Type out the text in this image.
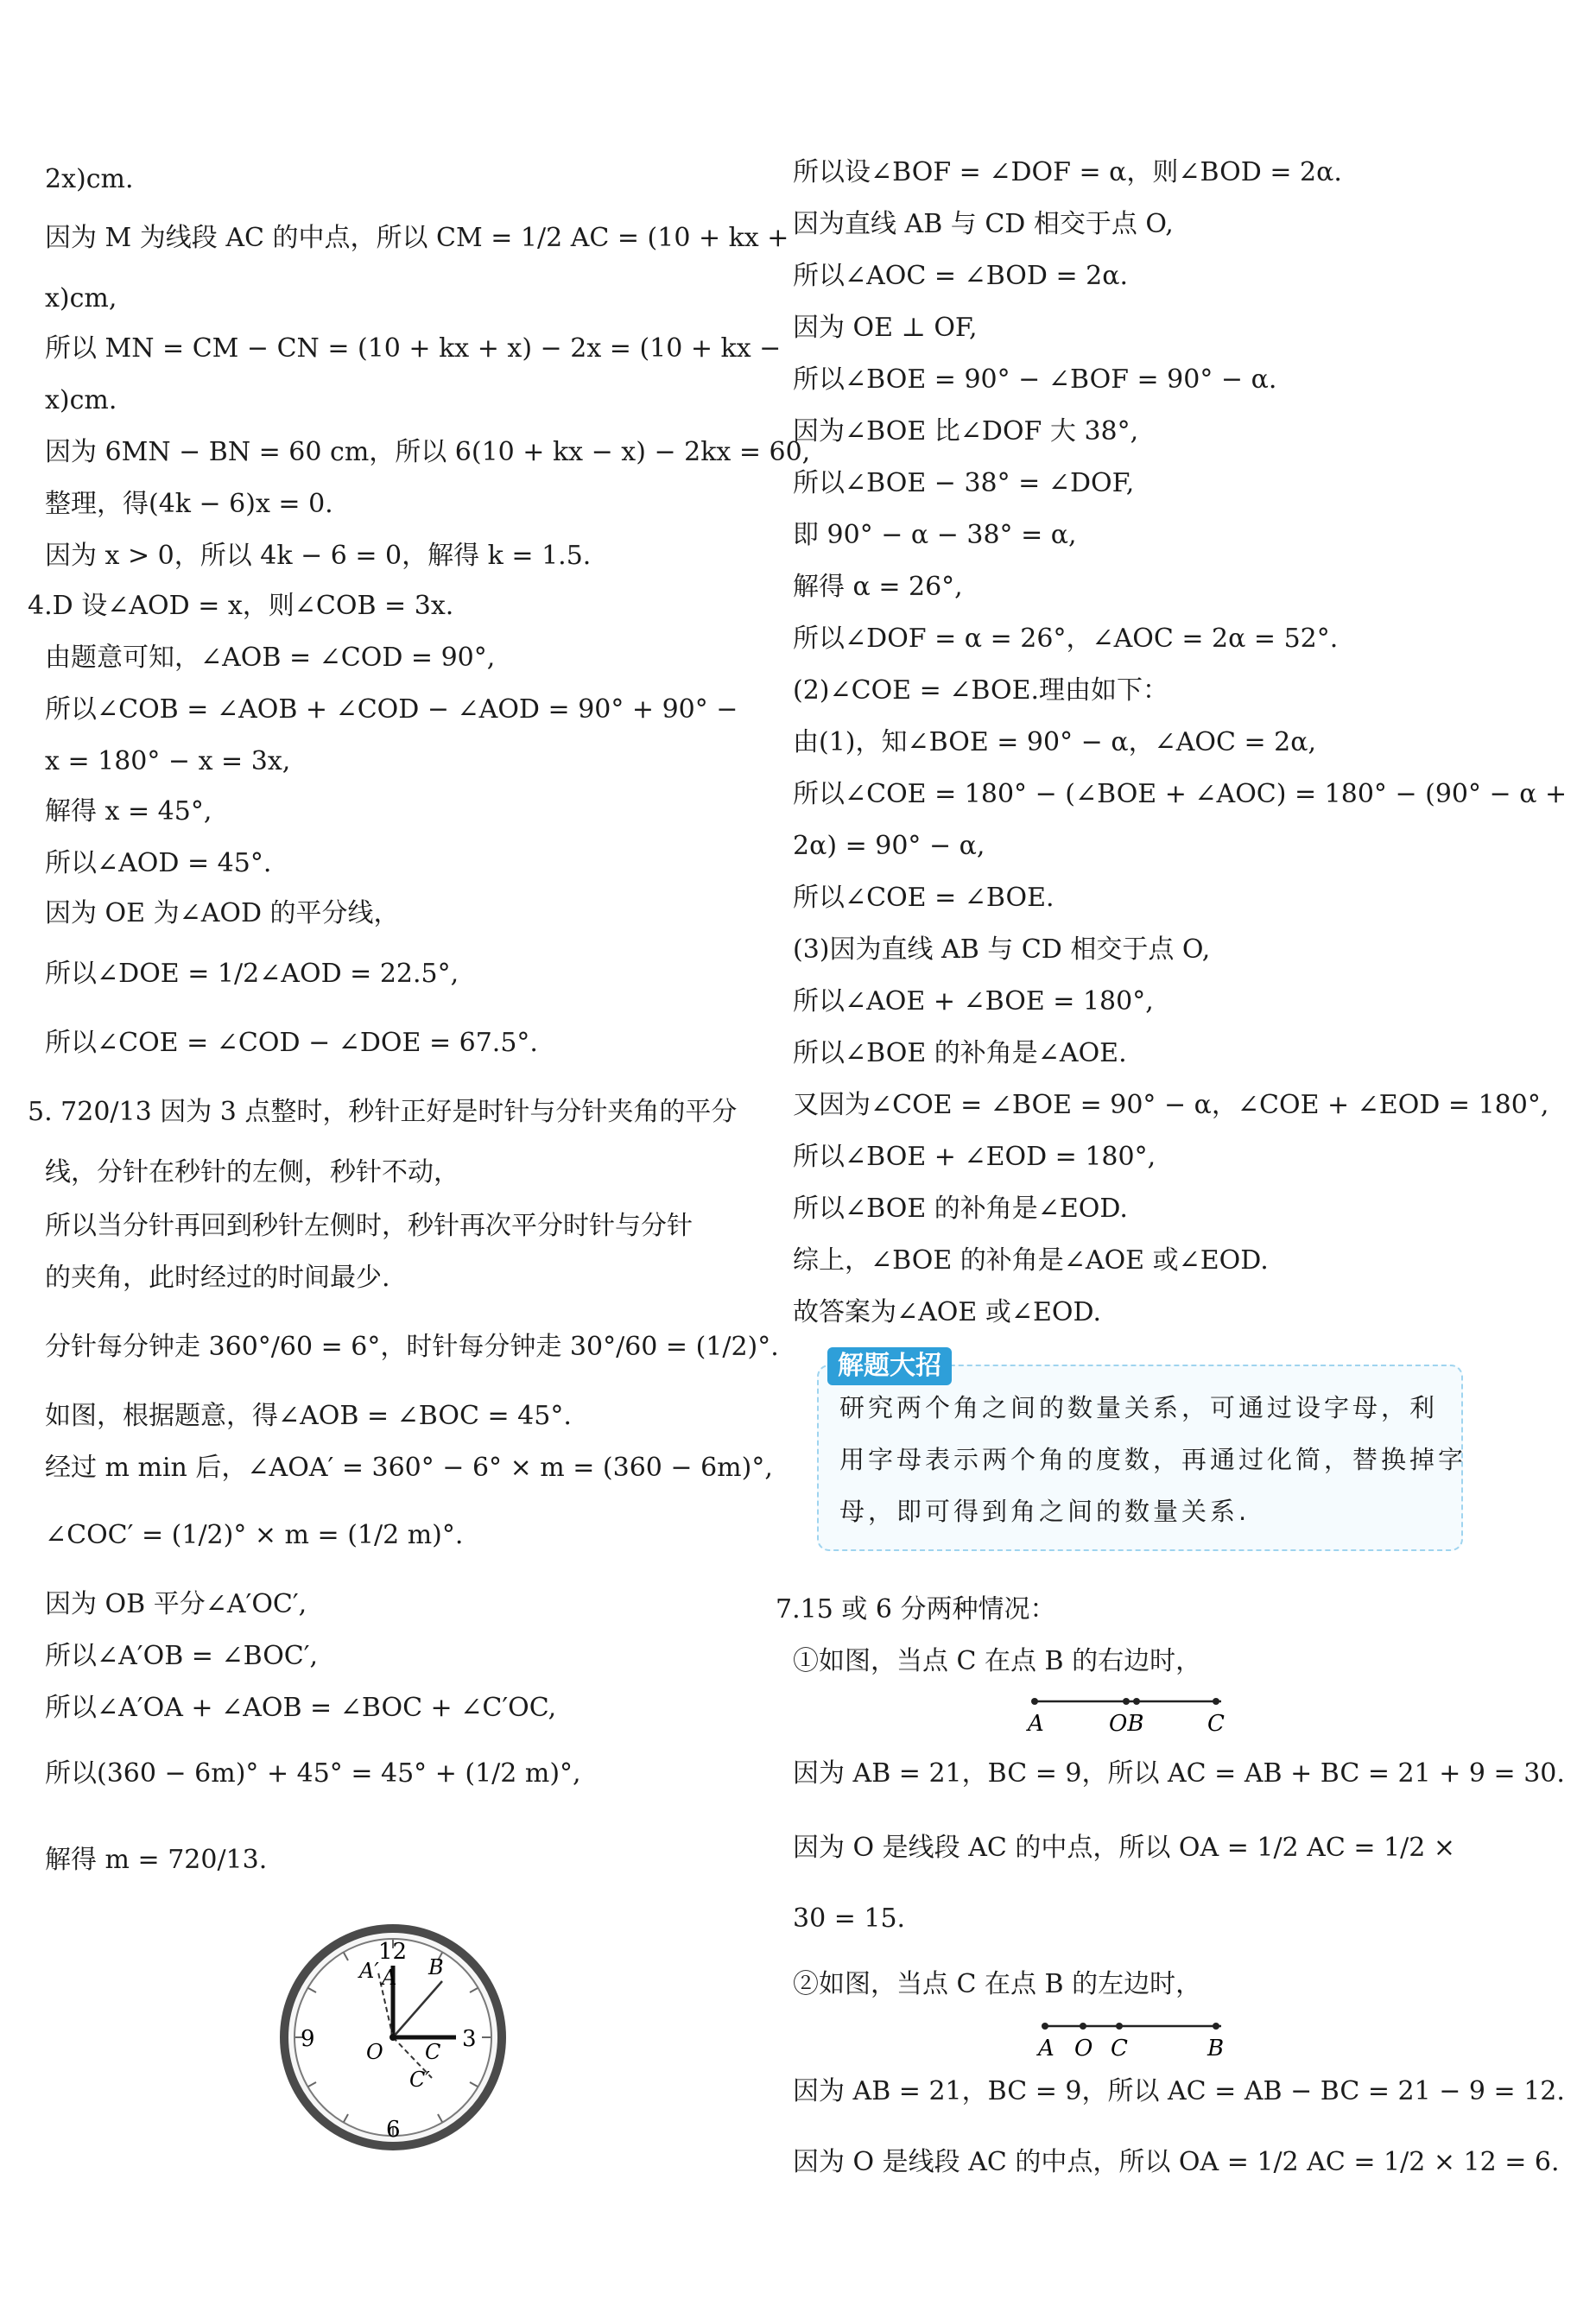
2x)cm.
因为 M 为线段 AC 的中点，所以 CM = 1/2 AC = (10 + kx +
x)cm,
所以 MN = CM − CN = (10 + kx + x) − 2x = (10 + kx −
x)cm.
因为 6MN − BN = 60 cm，所以 6(10 + kx − x) − 2kx = 60,
整理，得(4k − 6)x = 0.
因为 x > 0，所以 4k − 6 = 0，解得 k = 1.5.
4.D 设∠AOD = x，则∠COB = 3x.
由题意可知，∠AOB = ∠COD = 90°,
所以∠COB = ∠AOB + ∠COD − ∠AOD = 90° + 90° −
x = 180° − x = 3x,
解得 x = 45°,
所以∠AOD = 45°.
因为 OE 为∠AOD 的平分线，
所以∠DOE = 1/2∠AOD = 22.5°,
所以∠COE = ∠COD − ∠DOE = 67.5°.
5. 720/13 因为 3 点整时，秒针正好是时针与分针夹角的平分
线，分针在秒针的左侧，秒针不动，
所以当分针再回到秒针左侧时，秒针再次平分时针与分针
的夹角，此时经过的时间最少.
分针每分钟走 360°/60 = 6°，时针每分钟走 30°/60 = (1/2)°.
如图，根据题意，得∠AOB = ∠BOC = 45°.
经过 m min 后，∠AOA′ = 360° − 6° × m = (360 − 6m)°,
∠COC′ = (1/2)° × m = (1/2 m)°.
因为 OB 平分∠A′OC′,
所以∠A′OB = ∠BOC′,
所以∠A′OA + ∠AOB = ∠BOC + ∠C′OC,
所以(360 − 6m)° + 45° = 45° + (1/2 m)°,
解得 m = 720/13.
12
3
6
9
A′ A B
O C
C′
所以设∠BOF = ∠DOF = α，则∠BOD = 2α.
因为直线 AB 与 CD 相交于点 O,
所以∠AOC = ∠BOD = 2α.
因为 OE ⊥ OF,
所以∠BOE = 90° − ∠BOF = 90° − α.
因为∠BOE 比∠DOF 大 38°,
所以∠BOE − 38° = ∠DOF,
即 90° − α − 38° = α,
解得 α = 26°,
所以∠DOF = α = 26°，∠AOC = 2α = 52°.
(2)∠COE = ∠BOE.理由如下：
由(1)，知∠BOE = 90° − α，∠AOC = 2α,
所以∠COE = 180° − (∠BOE + ∠AOC) = 180° − (90° − α +
2α) = 90° − α,
所以∠COE = ∠BOE.
(3)因为直线 AB 与 CD 相交于点 O,
所以∠AOE + ∠BOE = 180°,
所以∠BOE 的补角是∠AOE.
又因为∠COE = ∠BOE = 90° − α，∠COE + ∠EOD = 180°,
所以∠BOE + ∠EOD = 180°,
所以∠BOE 的补角是∠EOD.
综上，∠BOE 的补角是∠AOE 或∠EOD.
故答案为∠AOE 或∠EOD.
解题大招
研究两个角之间的数量关系，可通过设字母，利
用字母表示两个角的度数，再通过化简，替换掉字
母，即可得到角之间的数量关系.
7.15 或 6 分两种情况：
①如图，当点 C 在点 B 的右边时，
A	OB	C
因为 AB = 21，BC = 9，所以 AC = AB + BC = 21 + 9 = 30.
因为 O 是线段 AC 的中点，所以 OA = 1/2 AC = 1/2 ×
30 = 15.
②如图，当点 C 在点 B 的左边时，
A O C	B
因为 AB = 21，BC = 9，所以 AC = AB − BC = 21 − 9 = 12.
因为 O 是线段 AC 的中点，所以 OA = 1/2 AC = 1/2 × 12 = 6.
